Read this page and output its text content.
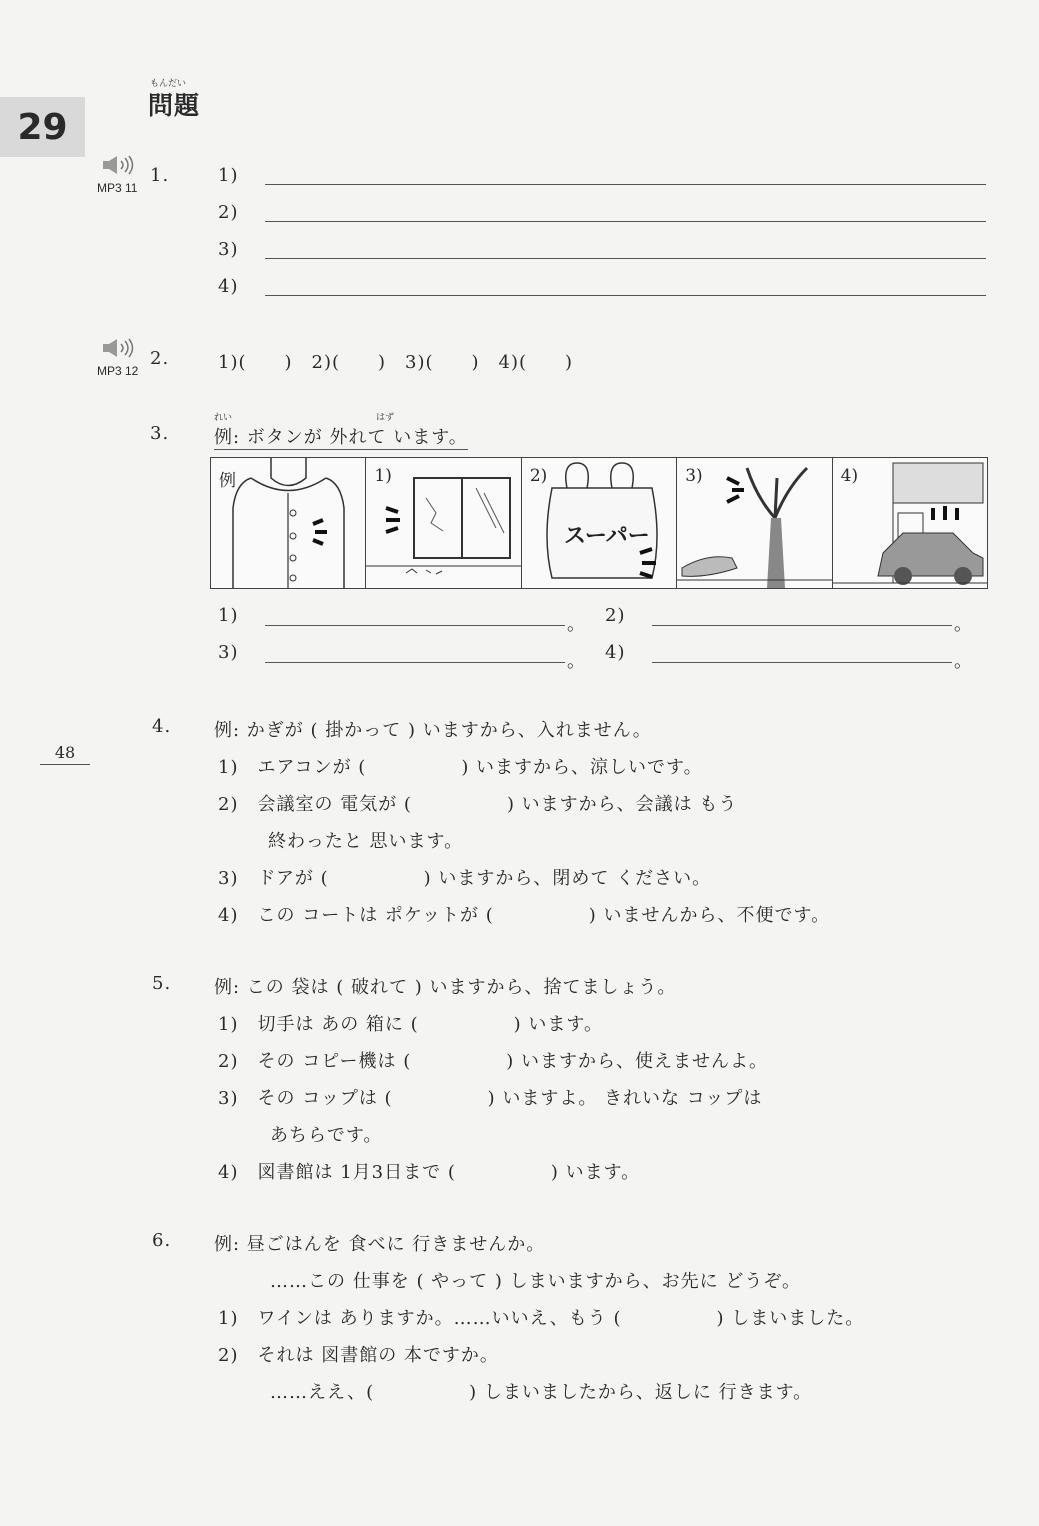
29
もんだい
問題
48
MP3 11
1.	1)
2)
3)
4)
MP3 12
2.	1)(　　)　2)(　　)　3)(　　)　4)(　　)
れい	はず
3. 例: ボタンが 外れて います。
例	1)	2)
スーパー
3)	4)
1)	。 2)	。
3)	。 4)	。
4. 例: かぎが ( 掛かって ) いますから、入れません。
1)　エアコンが (　　　　　) いますから、涼しいです。
2)　会議室の 電気が (　　　　　) いますから、会議は もう
終わったと 思います。
3)　ドアが (　　　　　) いますから、閉めて ください。
4)　この コートは ポケットが (　　　　　) いませんから、不便です。
5. 例: この 袋は ( 破れて ) いますから、捨てましょう。
1)　切手は あの 箱に (　　　　　) います。
2)　その コピー機は (　　　　　) いますから、使えませんよ。
3)　その コップは (　　　　　) いますよ。 きれいな コップは
あちらです。
4)　図書館は 1月3日まで (　　　　　) います。
6. 例: 昼ごはんを 食べに 行きませんか。
……この 仕事を ( やって ) しまいますから、お先に どうぞ。
1)　ワインは ありますか。……いいえ、もう (　　　　　) しまいました。
2)　それは 図書館の 本ですか。
……ええ、(　　　　　) しまいましたから、返しに 行きます。
